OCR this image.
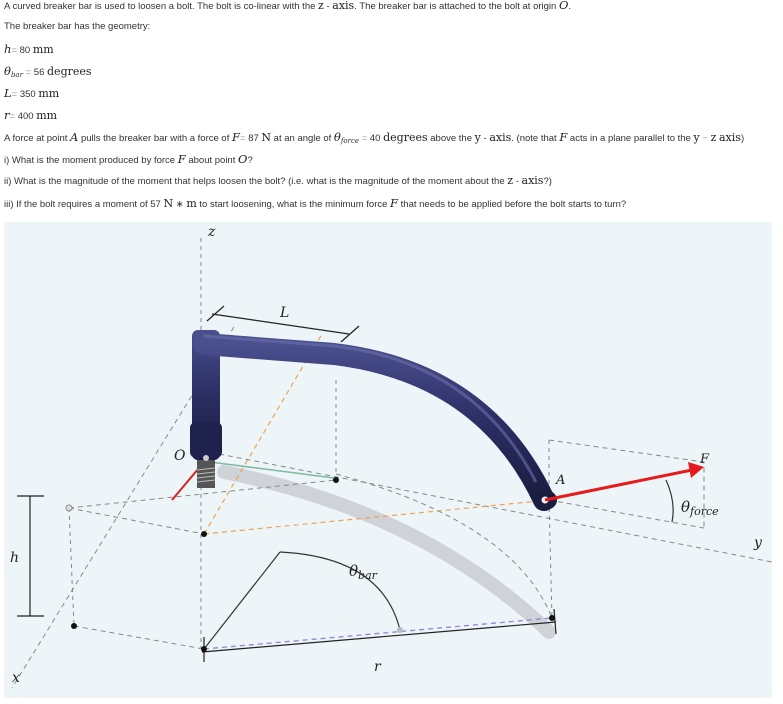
A curved breaker bar is used to loosen a bolt. The bolt is co-linear with the z - axis. The breaker bar is attached to the bolt at origin O.
The breaker bar has the geometry:
h= 80 mm
$\theta_{bar} = 56$ degrees
L= 350 mm
r= 400 mm
A force at point A pulls the breaker bar with a force of F= 87 N at an angle of $\theta_{force} = 40$ degrees above the y - axis. (note that F acts in a plane parallel to the y − z axis)
i) What is the moment produced by force F about point O?
ii) What is the magnitude of the moment that helps loosen the bolt? (i.e. what is the magnitude of the moment about the z - axis?)
iii) If the bolt requires a moment of 57 N ∗ m to start loosening, what is the minimum force F that needs to be applied before the bolt starts to turn?
z
L
O
A
F
$\theta_{force}$
y
h
$\theta_{bar}$
r
x
